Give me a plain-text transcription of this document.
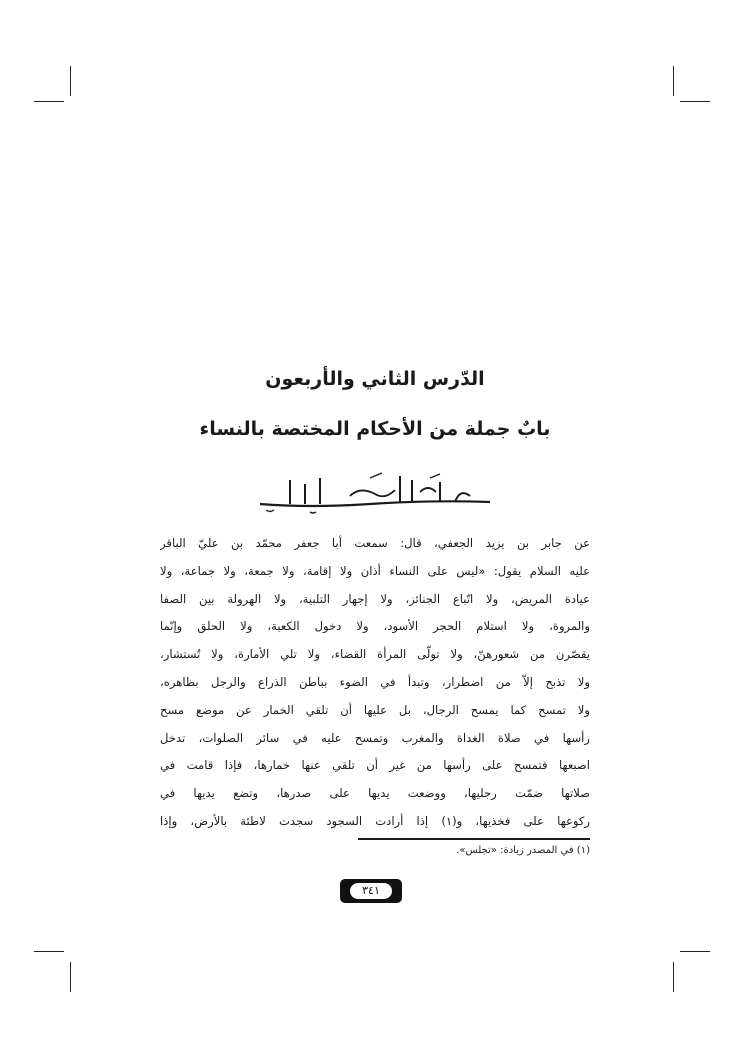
الدّرس الثاني والأربعون
بابٌ جملة من الأحكام المختصة بالنساء
عن جابر بن يزيد الجعفي، قال: سمعت أبا جعفر محمّد بن عليّ الباقر
عليه السلام يقول: «ليس على النساء أذان ولا إقامة، ولا جمعة، ولا جماعة، ولا
عيادة المريض، ولا اتّباع الجنائز، ولا إجهار التلبية، ولا الهرولة بين الصفا
والمروة، ولا استلام الحجر الأسود، ولا دخول الكعبة، ولا الحلق وإنّما
يقصّرن من شعورهنّ، ولا تولّى المرأة القضاء، ولا تلي الأمارة، ولا تُستشار،
ولا تذبح إلاّ من اضطرار، وتبدأ في الضوء بباطن الذراع والرجل بظاهره،
ولا تمسح كما يمسح الرجال، بل عليها أن تلقي الخمار عن موضع مسح
رأسها في صلاة الغداة والمغرب وتمسح عليه في سائر الصلوات، تدخل
اصبعها فتمسح على رأسها من غير أن تلقي عنها خمارها، فإذا قامت في
صلاتها ضمّت رجليها، ووضعت يديها على صدرها، وتضع يديها في
ركوعها على فخذيها، و(١) إذا أرادت السجود سجدت لاطئة بالأرض، وإذا
(١) في المصدر زيادة: «تجلس».
٣٤١
